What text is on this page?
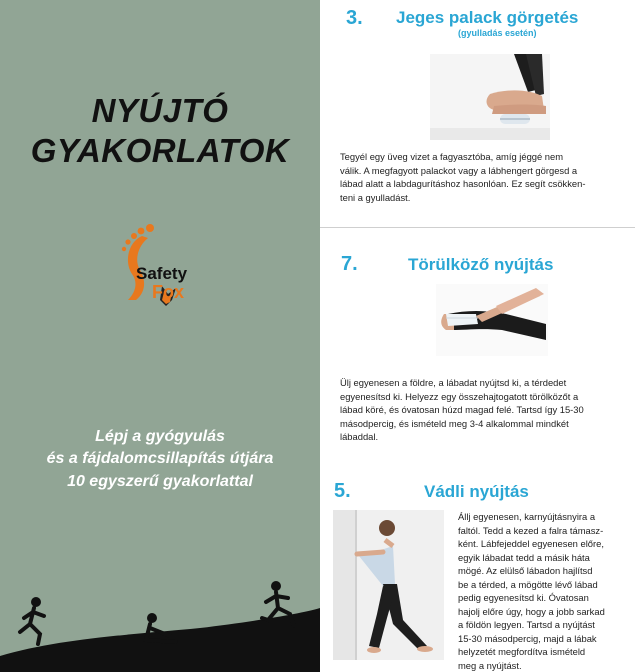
NYÚJTÓ
GYAKORLATOK
Safety
Fox
Lépj a gyógyulás
és a fájdalomcsillapítás útjára
10 egyszerű gyakorlattal
3. Jeges palack görgetés
(gyulladás esetén)
Tegyél egy üveg vizet a fagyasztóba, amíg jéggé nem
válik. A megfagyott palackot vagy a lábhengert görgesd a
lábad alatt a labdagurításhoz hasonlóan. Ez segít csökken-
teni a gyulladást.
7.	Törülköző nyújtás
Ülj egyenesen a földre, a lábadat nyújtsd ki, a térdedet
egyenesítsd ki. Helyezz egy összehajtogatott törölközőt a
lábad köré, és óvatosan húzd magad felé. Tartsd így 15-30
másodpercig, és ismételd meg 3-4 alkalommal mindkét
lábaddal.
5.	Vádli nyújtás
Állj egyenesen, karnyújtásnyira a
faltól. Tedd a kezed a falra támasz-
ként. Lábfejeddel egyenesen előre,
egyik lábadat tedd a másik háta
mögé. Az elülső lábadon hajlítsd
be a térded, a mögötte lévő lábad
pedig egyenesítsd ki. Óvatosan
hajolj előre úgy, hogy a jobb sarkad
a földön legyen. Tartsd a nyújtást
15-30 másodpercig, majd a lábak
helyzetét megfordítva ismételd
meg a nyújtást.
